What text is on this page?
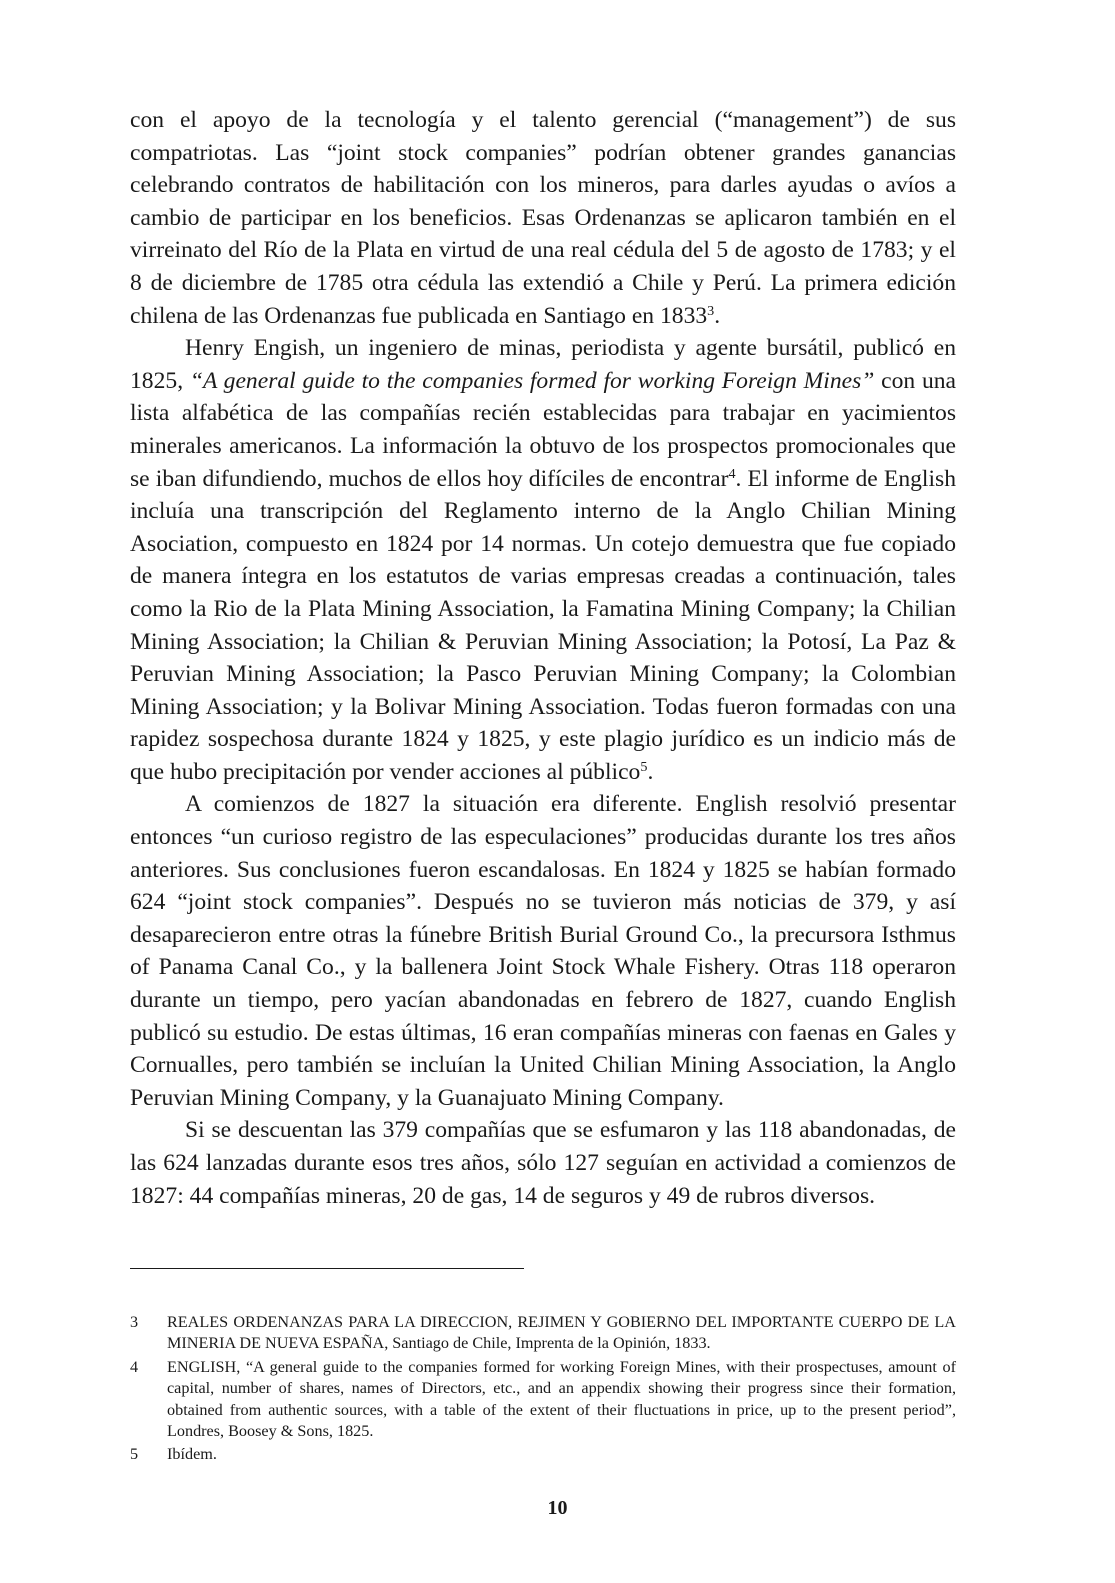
con el apoyo de la tecnología y el talento gerencial (“management”) de sus compatriotas. Las “joint stock companies” podrían obtener grandes ganancias celebrando contratos de habilitación con los mineros, para darles ayudas o avíos a cambio de participar en los beneficios. Esas Ordenanzas se aplicaron también en el virreinato del Río de la Plata en virtud de una real cédula del 5 de agosto de 1783; y el 8 de diciembre de 1785 otra cédula las extendió a Chile y Perú. La primera edición chilena de las Ordenanzas fue publicada en Santiago en 1833$^3$.

Henry Engish, un ingeniero de minas, periodista y agente bursátil, publicó en 1825, “A general guide to the companies formed for working Foreign Mines” con una lista alfabética de las compañías recién establecidas para trabajar en yacimientos minerales americanos. La información la obtuvo de los prospectos promocionales que se iban difundiendo, muchos de ellos hoy difíciles de encontrar$^4$. El informe de English incluía una transcripción del Reglamento interno de la Anglo Chilian Mining Asociation, compuesto en 1824 por 14 normas. Un cotejo demuestra que fue copiado de manera íntegra en los estatutos de varias empresas creadas a continuación, tales como la Rio de la Plata Mining Association, la Famatina Mining Company; la Chilian Mining Association; la Chilian & Peruvian Mining Association; la Potosí, La Paz & Peruvian Mining Association; la Pasco Peruvian Mining Company; la Colombian Mining Association; y la Bolivar Mining Association. Todas fueron formadas con una rapidez sospechosa durante 1824 y 1825, y este plagio jurídico es un indicio más de que hubo precipitación por vender acciones al público$^5$.

A comienzos de 1827 la situación era diferente. English resolvió presentar entonces “un curioso registro de las especulaciones” producidas durante los tres años anteriores. Sus conclusiones fueron escandalosas. En 1824 y 1825 se habían formado 624 “joint stock companies”. Después no se tuvieron más noticias de 379, y así desaparecieron entre otras la fúnebre British Burial Ground Co., la precursora Isthmus of Panama Canal Co., y la ballenera Joint Stock Whale Fishery. Otras 118 operaron durante un tiempo, pero yacían abandonadas en febrero de 1827, cuando English publicó su estudio. De estas últimas, 16 eran compañías mineras con faenas en Gales y Cornualles, pero también se incluían la United Chilian Mining Association, la Anglo Peruvian Mining Company, y la Guanajuato Mining Company.

Si se descuentan las 379 compañías que se esfumaron y las 118 abandonadas, de las 624 lanzadas durante esos tres años, sólo 127 seguían en actividad a comienzos de 1827: 44 compañías mineras, 20 de gas, 14 de seguros y 49 de rubros diversos.

3	REALES ORDENANZAS PARA LA DIRECCION, REJIMEN Y GOBIERNO DEL IMPORTANTE CUERPO DE LA MINERIA DE NUEVA ESPAÑA, Santiago de Chile, Imprenta de la Opinión, 1833.
4	ENGLISH, “A general guide to the companies formed for working Foreign Mines, with their prospectuses, amount of capital, number of shares, names of Directors, etc., and an appendix showing their progress since their formation, obtained from authentic sources, with a table of the extent of their fluctuations in price, up to the present period”, Londres, Boosey & Sons, 1825.
5	Ibídem.
10
